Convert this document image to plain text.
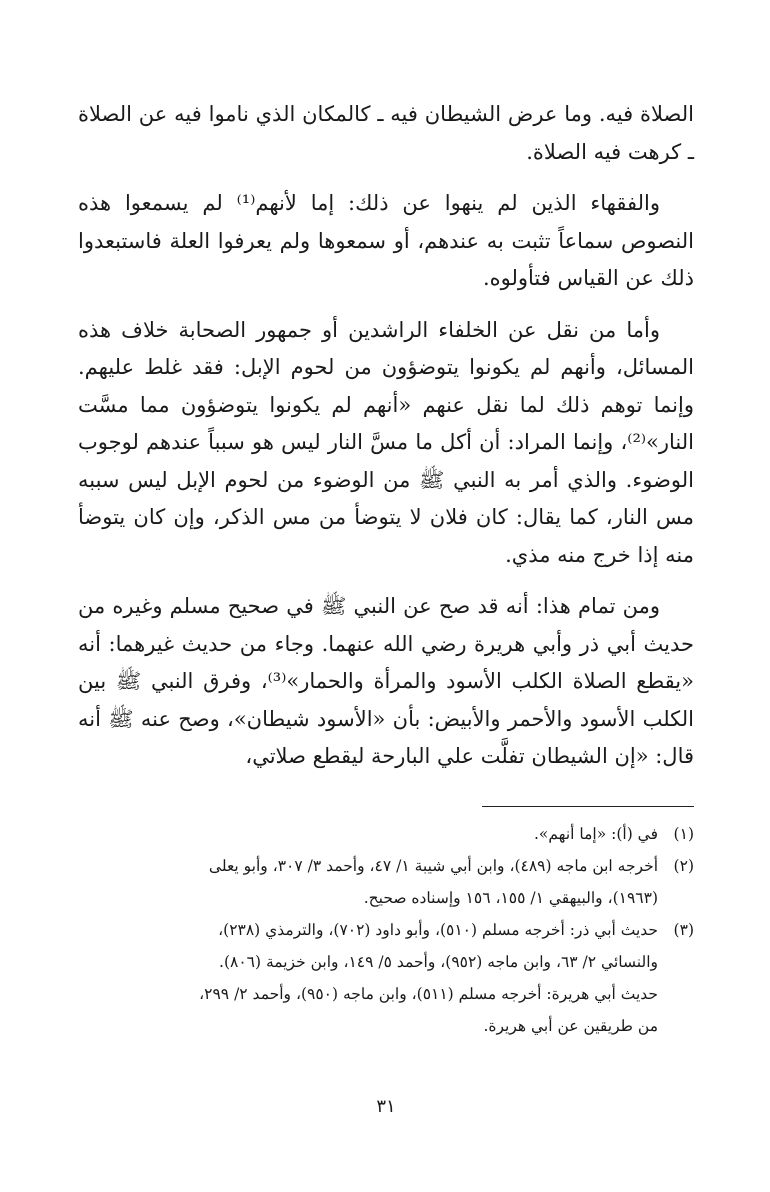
الصلاة فيه. وما عرض الشيطان فيه ـ كالمكان الذي ناموا فيه عن الصلاة ـ كرهت فيه الصلاة.

والفقهاء الذين لم ينهوا عن ذلك: إما لأنهم⁽¹⁾ لم يسمعوا هذه النصوص سماعاً تثبت به عندهم، أو سمعوها ولم يعرفوا العلة فاستبعدوا ذلك عن القياس فتأولوه.

وأما من نقل عن الخلفاء الراشدين أو جمهور الصحابة خلاف هذه المسائل، وأنهم لم يكونوا يتوضؤون من لحوم الإبل: فقد غلط عليهم. وإنما توهم ذلك لما نقل عنهم «أنهم لم يكونوا يتوضؤون مما مسَّت النار»⁽²⁾، وإنما المراد: أن أكل ما مسَّ النار ليس هو سبباً عندهم لوجوب الوضوء. والذي أمر به النبي ﷺ من الوضوء من لحوم الإبل ليس سببه مس النار، كما يقال: كان فلان لا يتوضأ من مس الذكر، وإن كان يتوضأ منه إذا خرج منه مذي.

ومن تمام هذا: أنه قد صح عن النبي ﷺ في صحيح مسلم وغيره من حديث أبي ذر وأبي هريرة رضي الله عنهما. وجاء من حديث غيرهما: أنه «يقطع الصلاة الكلب الأسود والمرأة والحمار»⁽³⁾، وفرق النبي ﷺ بين الكلب الأسود والأحمر والأبيض: بأن «الأسود شيطان»، وصح عنه ﷺ أنه قال: «إن الشيطان تفلَّت علي البارحة ليقطع صلاتي،

(١)
في (أ): «إما أنهم».
(٢)
أخرجه ابن ماجه (٤٨٩)، وابن أبي شيبة ١/ ٤٧، وأحمد ٣/ ٣٠٧، وأبو يعلى
(١٩٦٣)، والبيهقي ١/ ١٥٥، ١٥٦ وإسناده صحيح.
(٣)
حديث أبي ذر: أخرجه مسلم (٥١٠)، وأبو داود (٧٠٢)، والترمذي (٢٣٨)،
والنسائي ٢/ ٦٣، وابن ماجه (٩٥٢)، وأحمد ٥/ ١٤٩، وابن خزيمة (٨٠٦).
حديث أبي هريرة: أخرجه مسلم (٥١١)، وابن ماجه (٩٥٠)، وأحمد ٢/ ٢٩٩،
من طريقين عن أبي هريرة.
٣١
